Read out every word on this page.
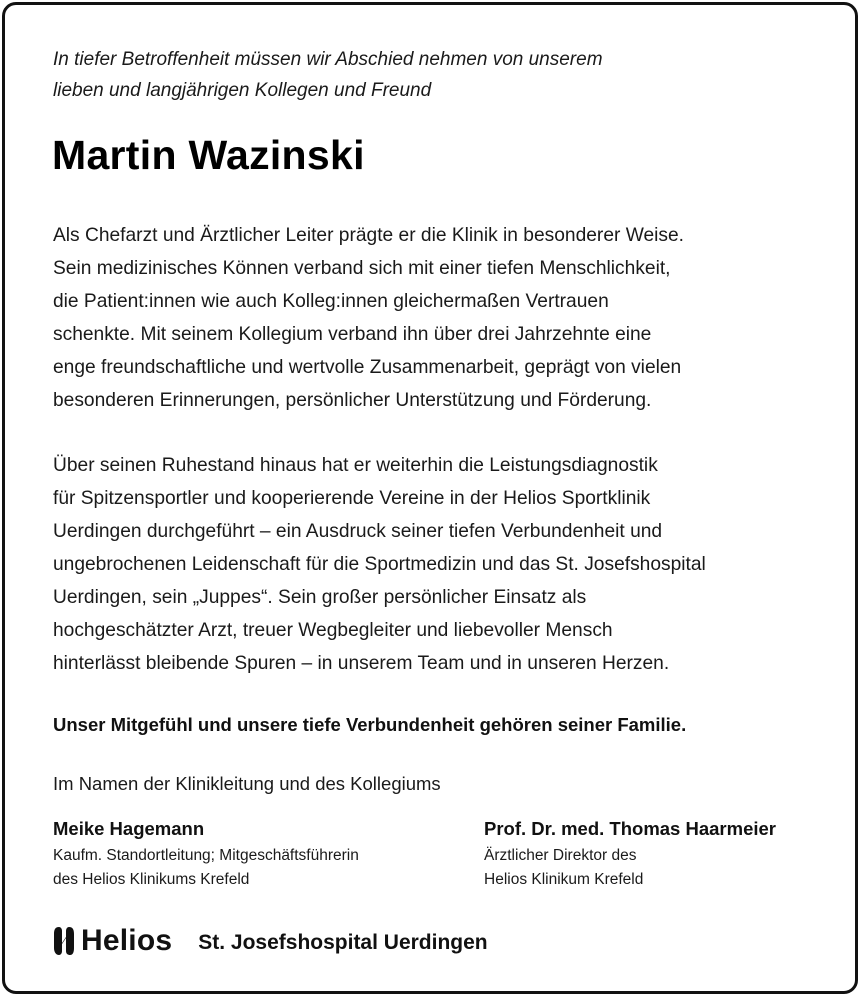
In tiefer Betroffenheit müssen wir Abschied nehmen von unserem
lieben und langjährigen Kollegen und Freund
Martin Wazinski
Als Chefarzt und Ärztlicher Leiter prägte er die Klinik in besonderer Weise.
Sein medizinisches Können verband sich mit einer tiefen Menschlichkeit,
die Patient:innen wie auch Kolleg:innen gleichermaßen Vertrauen
schenkte. Mit seinem Kollegium verband ihn über drei Jahrzehnte eine
enge freundschaftliche und wertvolle Zusammenarbeit, geprägt von vielen
besonderen Erinnerungen, persönlicher Unterstützung und Förderung.
Über seinen Ruhestand hinaus hat er weiterhin die Leistungsdiagnostik
für Spitzensportler und kooperierende Vereine in der Helios Sportklinik
Uerdingen durchgeführt – ein Ausdruck seiner tiefen Verbundenheit und
ungebrochenen Leidenschaft für die Sportmedizin und das St. Josefshospital
Uerdingen, sein „Juppes“. Sein großer persönlicher Einsatz als
hochgeschätzter Arzt, treuer Wegbegleiter und liebevoller Mensch
hinterlässt bleibende Spuren – in unserem Team und in unseren Herzen.
Unser Mitgefühl und unsere tiefe Verbundenheit gehören seiner Familie.
Im Namen der Klinikleitung und des Kollegiums
Meike Hagemann
Kaufm. Standortleitung; Mitgeschäftsführerin
des Helios Klinikums Krefeld
Prof. Dr. med. Thomas Haarmeier
Ärztlicher Direktor des
Helios Klinikum Krefeld
Helios St. Josefshospital Uerdingen
